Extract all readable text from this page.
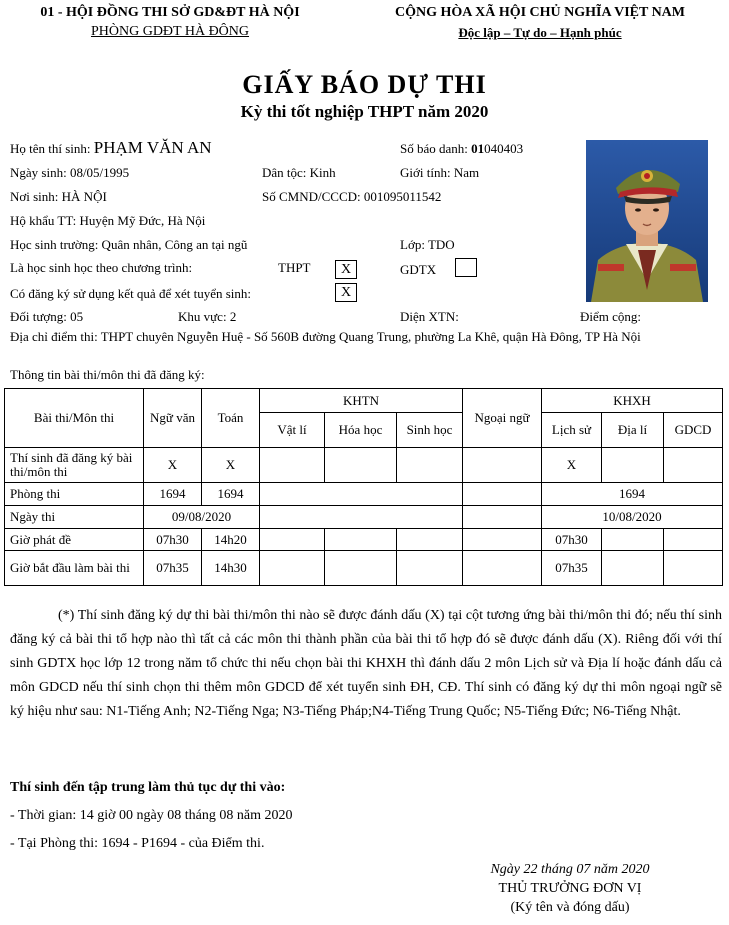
01 - HỘI ĐỒNG THI SỞ GD&ĐT HÀ NỘI
PHÒNG GDĐT HÀ ĐÔNG
CỘNG HÒA XÃ HỘI CHỦ NGHĨA VIỆT NAM
Độc lập – Tự do – Hạnh phúc
GIẤY BÁO DỰ THI
Kỳ thi tốt nghiệp THPT năm 2020
Họ tên thí sinh: PHẠM VĂN AN	Số báo danh: 01040403
Ngày sinh: 08/05/1995	Dân tộc: Kinh	Giới tính: Nam
Nơi sinh: HÀ NỘI	Số CMND/CCCD: 001095011542
Hộ khẩu TT: Huyện Mỹ Đức, Hà Nội
Học sinh trường: Quân nhân, Công an tại ngũ	Lớp: TDO
Là học sinh học theo chương trình:	THPT	X	GDTX
Có đăng ký sử dụng kết quả để xét tuyển sinh:	X
Đối tượng: 05	Khu vực: 2	Diện XTN:	Điểm cộng:
Địa chỉ điểm thi: THPT chuyên Nguyễn Huệ - Số 560B đường Quang Trung, phường La Khê, quận Hà Đông, TP Hà Nội
Thông tin bài thi/môn thi đã đăng ký:
Bài thi/Môn thi	Ngữ văn	Toán	KHTN			Ngoại ngữ	KHXH		
			Vật lí	Hóa học	Sinh học		Lịch sử	Địa lí	GDCD
Thí sinh đã đăng ký bài thi/môn thi	X	X					X		
Phòng thi	1694	1694					1694		
Ngày thi	09/08/2020						10/08/2020		
Giờ phát đề	07h30	14h20					07h30		
Giờ bắt đầu làm bài thi	07h35	14h30					07h35		
(*) Thí sinh đăng ký dự thi bài thi/môn thi nào sẽ được đánh dấu (X) tại cột tương ứng bài thi/môn thi đó; nếu thí sinh đăng ký cả bài thi tổ hợp nào thì tất cả các môn thi thành phần của bài thi tổ hợp đó sẽ được đánh dấu (X). Riêng đối với thí sinh GDTX học lớp 12 trong năm tổ chức thi nếu chọn bài thi KHXH thì đánh dấu 2 môn Lịch sử và Địa lí hoặc đánh dấu cả môn GDCD nếu thí sinh chọn thi thêm môn GDCD để xét tuyển sinh ĐH, CĐ. Thí sinh có đăng ký dự thi môn ngoại ngữ sẽ ký hiệu như sau: N1-Tiếng Anh; N2-Tiếng Nga; N3-Tiếng Pháp;N4-Tiếng Trung Quốc; N5-Tiếng Đức; N6-Tiếng Nhật.
Thí sinh đến tập trung làm thủ tục dự thi vào:
- Thời gian: 14 giờ 00 ngày 08 tháng 08 năm 2020
- Tại Phòng thi: 1694 - P1694 - của Điểm thi.
Ngày 22 tháng 07 năm 2020
THỦ TRƯỞNG ĐƠN VỊ
(Ký tên và đóng dấu)
